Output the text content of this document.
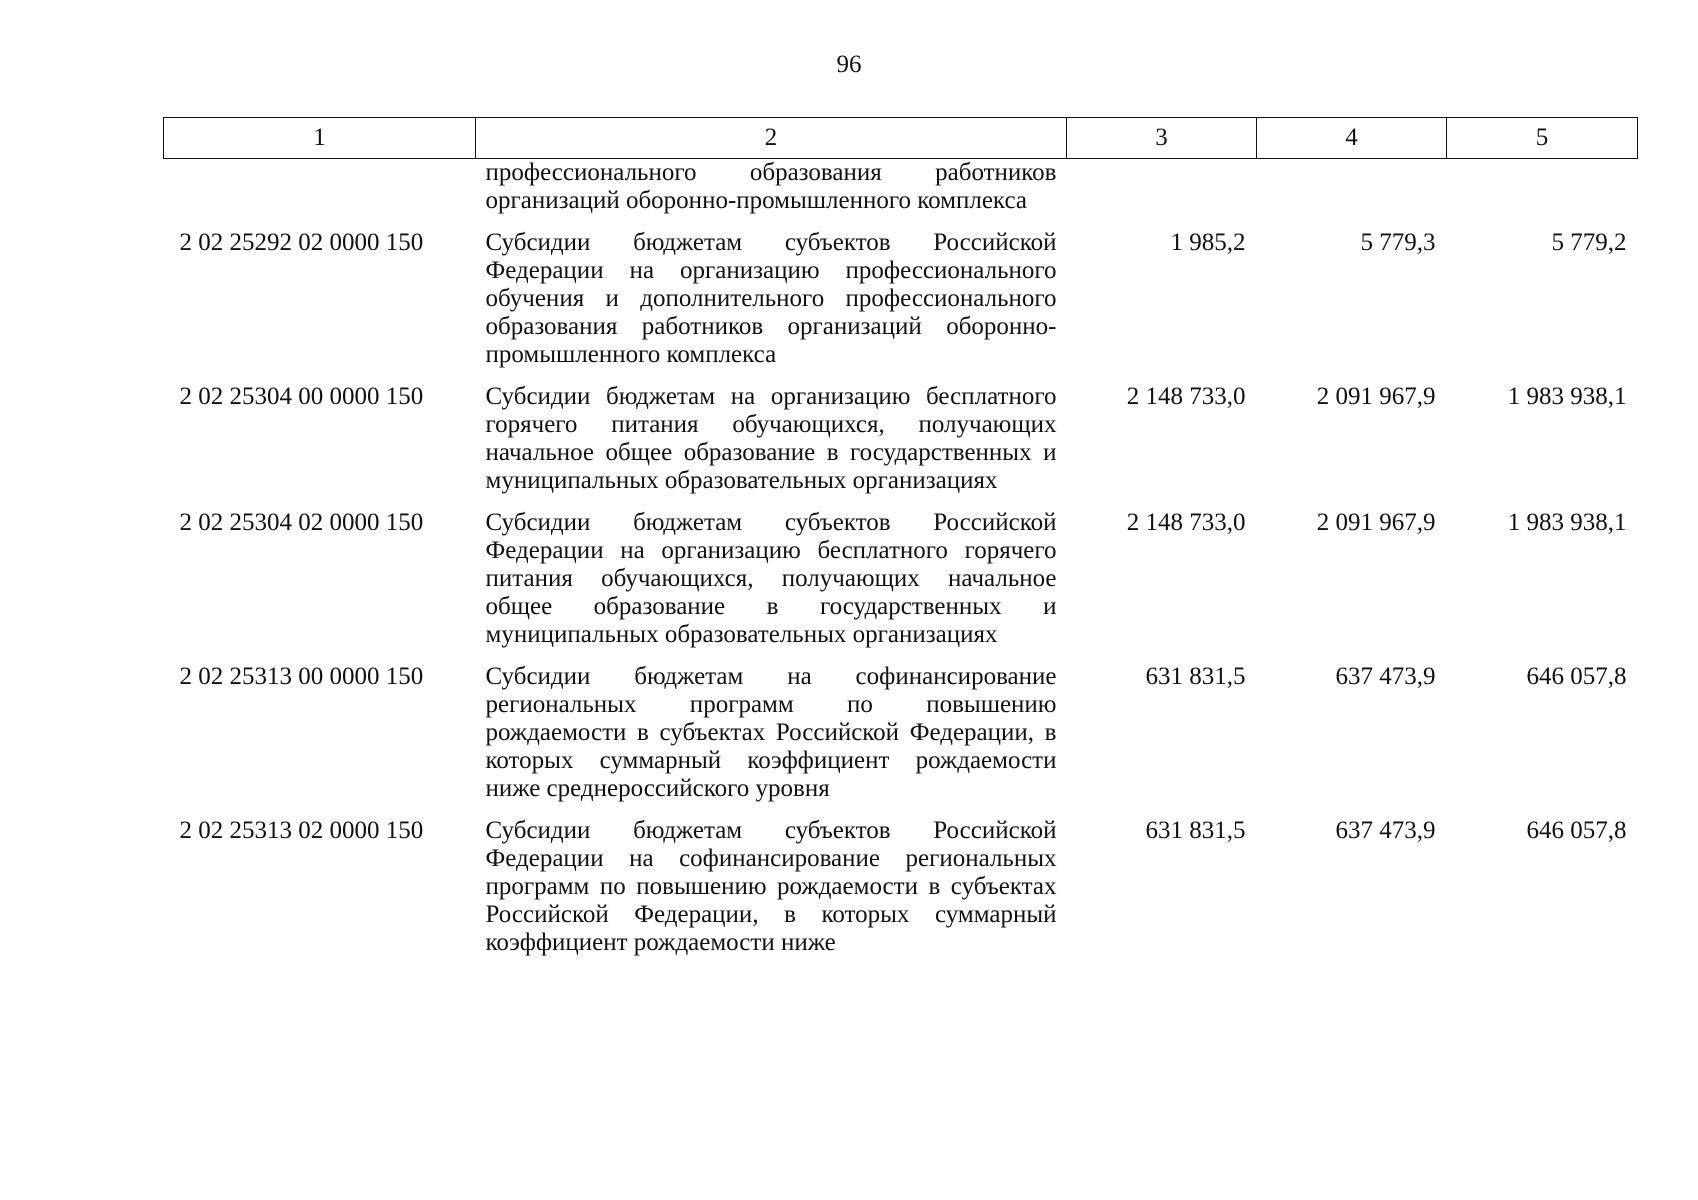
96
1	2	3	4	5
	профессионального образования работников организаций оборонно-промышленного комплекса			
2 02 25292 02 0000 150	Субсидии бюджетам субъектов Российской Федерации на организацию профессионального обучения и дополнительного профессионального образования работников организаций оборонно-промышленного комплекса	1 985,2	5 779,3	5 779,2
2 02 25304 00 0000 150	Субсидии бюджетам на организацию бесплатного горячего питания обучающихся, получающих начальное общее образование в государственных и муниципальных образовательных организациях	2 148 733,0	2 091 967,9	1 983 938,1
2 02 25304 02 0000 150	Субсидии бюджетам субъектов Российской Федерации на организацию бесплатного горячего питания обучающихся, получающих начальное общее образование в государственных и муниципальных образовательных организациях	2 148 733,0	2 091 967,9	1 983 938,1
2 02 25313 00 0000 150	Субсидии бюджетам на софинансирование региональных программ по повышению рождаемости в субъектах Российской Федерации, в которых суммарный коэффициент рождаемости ниже среднероссийского уровня	631 831,5	637 473,9	646 057,8
2 02 25313 02 0000 150	Субсидии бюджетам субъектов Российской Федерации на софинансирование региональных программ по повышению рождаемости в субъектах Российской Федерации, в которых суммарный коэффициент рождаемости ниже	631 831,5	637 473,9	646 057,8
